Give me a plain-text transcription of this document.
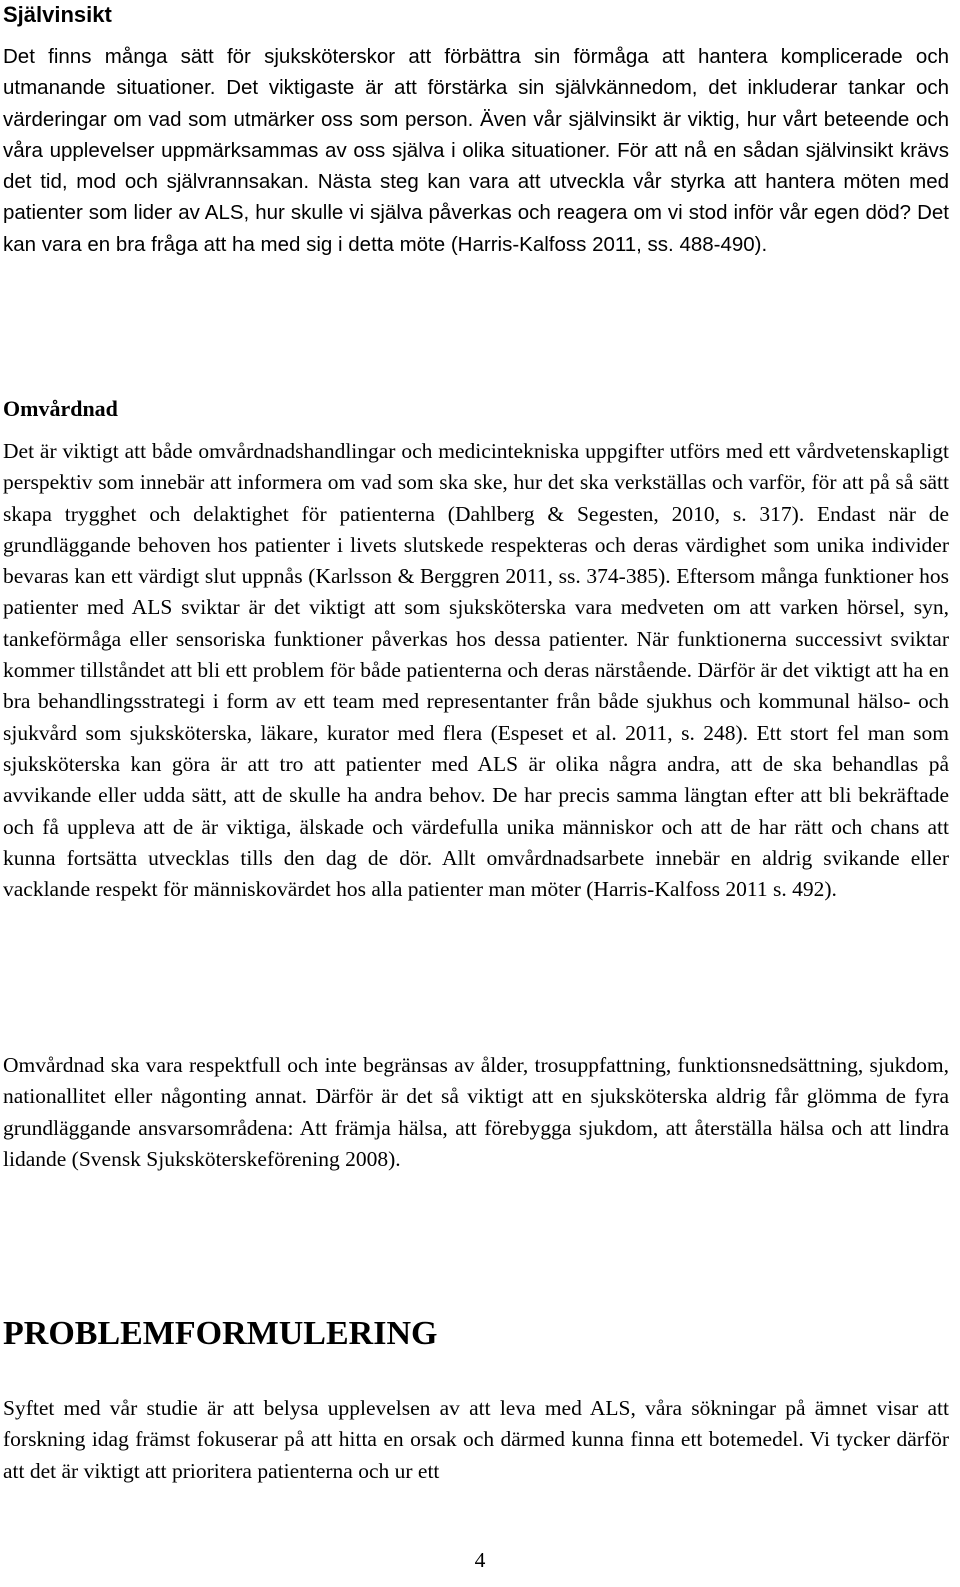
Självinsikt

Det finns många sätt för sjuksköterskor att förbättra sin förmåga att hantera komplicerade och utmanande situationer. Det viktigaste är att förstärka sin självkännedom, det inkluderar tankar och värderingar om vad som utmärker oss som person. Även vår självinsikt är viktig, hur vårt beteende och våra upplevelser uppmärksammas av oss själva i olika situationer. För att nå en sådan självinsikt krävs det tid, mod och självrannsakan. Nästa steg kan vara att utveckla vår styrka att hantera möten med patienter som lider av ALS, hur skulle vi själva påverkas och reagera om vi stod inför vår egen död? Det kan vara en bra fråga att ha med sig i detta möte (Harris-Kalfoss 2011, ss. 488-490).

Omvårdnad

Det är viktigt att både omvårdnadshandlingar och medicintekniska uppgifter utförs med ett vårdvetenskapligt perspektiv som innebär att informera om vad som ska ske, hur det ska verkställas och varför, för att på så sätt skapa trygghet och delaktighet för patienterna (Dahlberg & Segesten, 2010, s. 317). Endast när de grundläggande behoven hos patienter i livets slutskede respekteras och deras värdighet som unika individer bevaras kan ett värdigt slut uppnås (Karlsson & Berggren 2011, ss. 374-385). Eftersom många funktioner hos patienter med ALS sviktar är det viktigt att som sjuksköterska vara medveten om att varken hörsel, syn, tankeförmåga eller sensoriska funktioner påverkas hos dessa patienter. När funktionerna successivt sviktar kommer tillståndet att bli ett problem för både patienterna och deras närstående. Därför är det viktigt att ha en bra behandlingsstrategi i form av ett team med representanter från både sjukhus och kommunal hälso- och sjukvård som sjuksköterska, läkare, kurator med flera (Espeset et al. 2011, s. 248). Ett stort fel man som sjuksköterska kan göra är att tro att patienter med ALS är olika några andra, att de ska behandlas på avvikande eller udda sätt, att de skulle ha andra behov. De har precis samma längtan efter att bli bekräftade och få uppleva att de är viktiga, älskade och värdefulla unika människor och att de har rätt och chans att kunna fortsätta utvecklas tills den dag de dör. Allt omvårdnadsarbete innebär en aldrig svikande eller vacklande respekt för människovärdet hos alla patienter man möter (Harris-Kalfoss 2011 s. 492).

Omvårdnad ska vara respektfull och inte begränsas av ålder, trosuppfattning, funktionsnedsättning, sjukdom, nationallitet eller någonting annat. Därför är det så viktigt att en sjuksköterska aldrig får glömma de fyra grundläggande ansvarsområdena: Att främja hälsa, att förebygga sjukdom, att återställa hälsa och att lindra lidande (Svensk Sjuksköterskeförening 2008).

PROBLEMFORMULERING

Syftet med vår studie är att belysa upplevelsen av att leva med ALS, våra sökningar på ämnet visar att forskning idag främst fokuserar på att hitta en orsak och därmed kunna finna ett botemedel. Vi tycker därför att det är viktigt att prioritera patienterna och ur ett

4
